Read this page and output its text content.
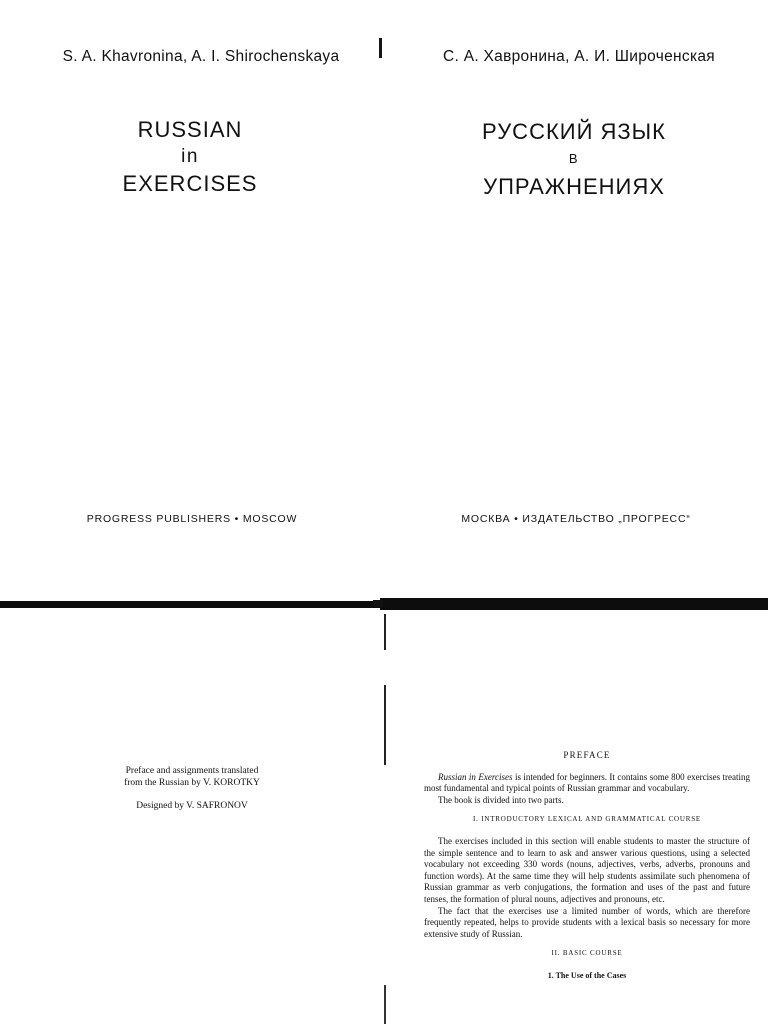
S. A. Khavronina, A. I. Shirochenskaya
RUSSIAN
in
EXERCISES
PROGRESS PUBLISHERS • MOSCOW
С. А. Хавронина, А. И. Широченская
РУССКИЙ ЯЗЫК
В
УПРАЖНЕНИЯХ
МОСКВА • ИЗДАТЕЛЬСТВО „ПРОГРЕСС“
Preface and assignments translated
from the Russian by V. KOROTKY
Designed by V. SAFRONOV
PREFACE

Russian in Exercises is intended for beginners. It contains some 800 exercises treating most fundamental and typical points of Russian grammar and vocabulary.

The book is divided into two parts.

I. INTRODUCTORY LEXICAL AND GRAMMATICAL COURSE

The exercises included in this section will enable students to master the structure of the simple sentence and to learn to ask and answer various questions, using a selected vocabulary not exceeding 330 words (nouns, adjectives, verbs, adverbs, pronouns and function words). At the same time they will help students assimilate such phenomena of Russian grammar as verb conjugations, the formation and uses of the past and future tenses, the formation of plural nouns, adjectives and pronouns, etc.

The fact that the exercises use a limited number of words, which are therefore frequently repeated, helps to provide students with a lexical basis so necessary for more extensive study of Russian.

II. BASIC COURSE
1. The Use of the Cases
